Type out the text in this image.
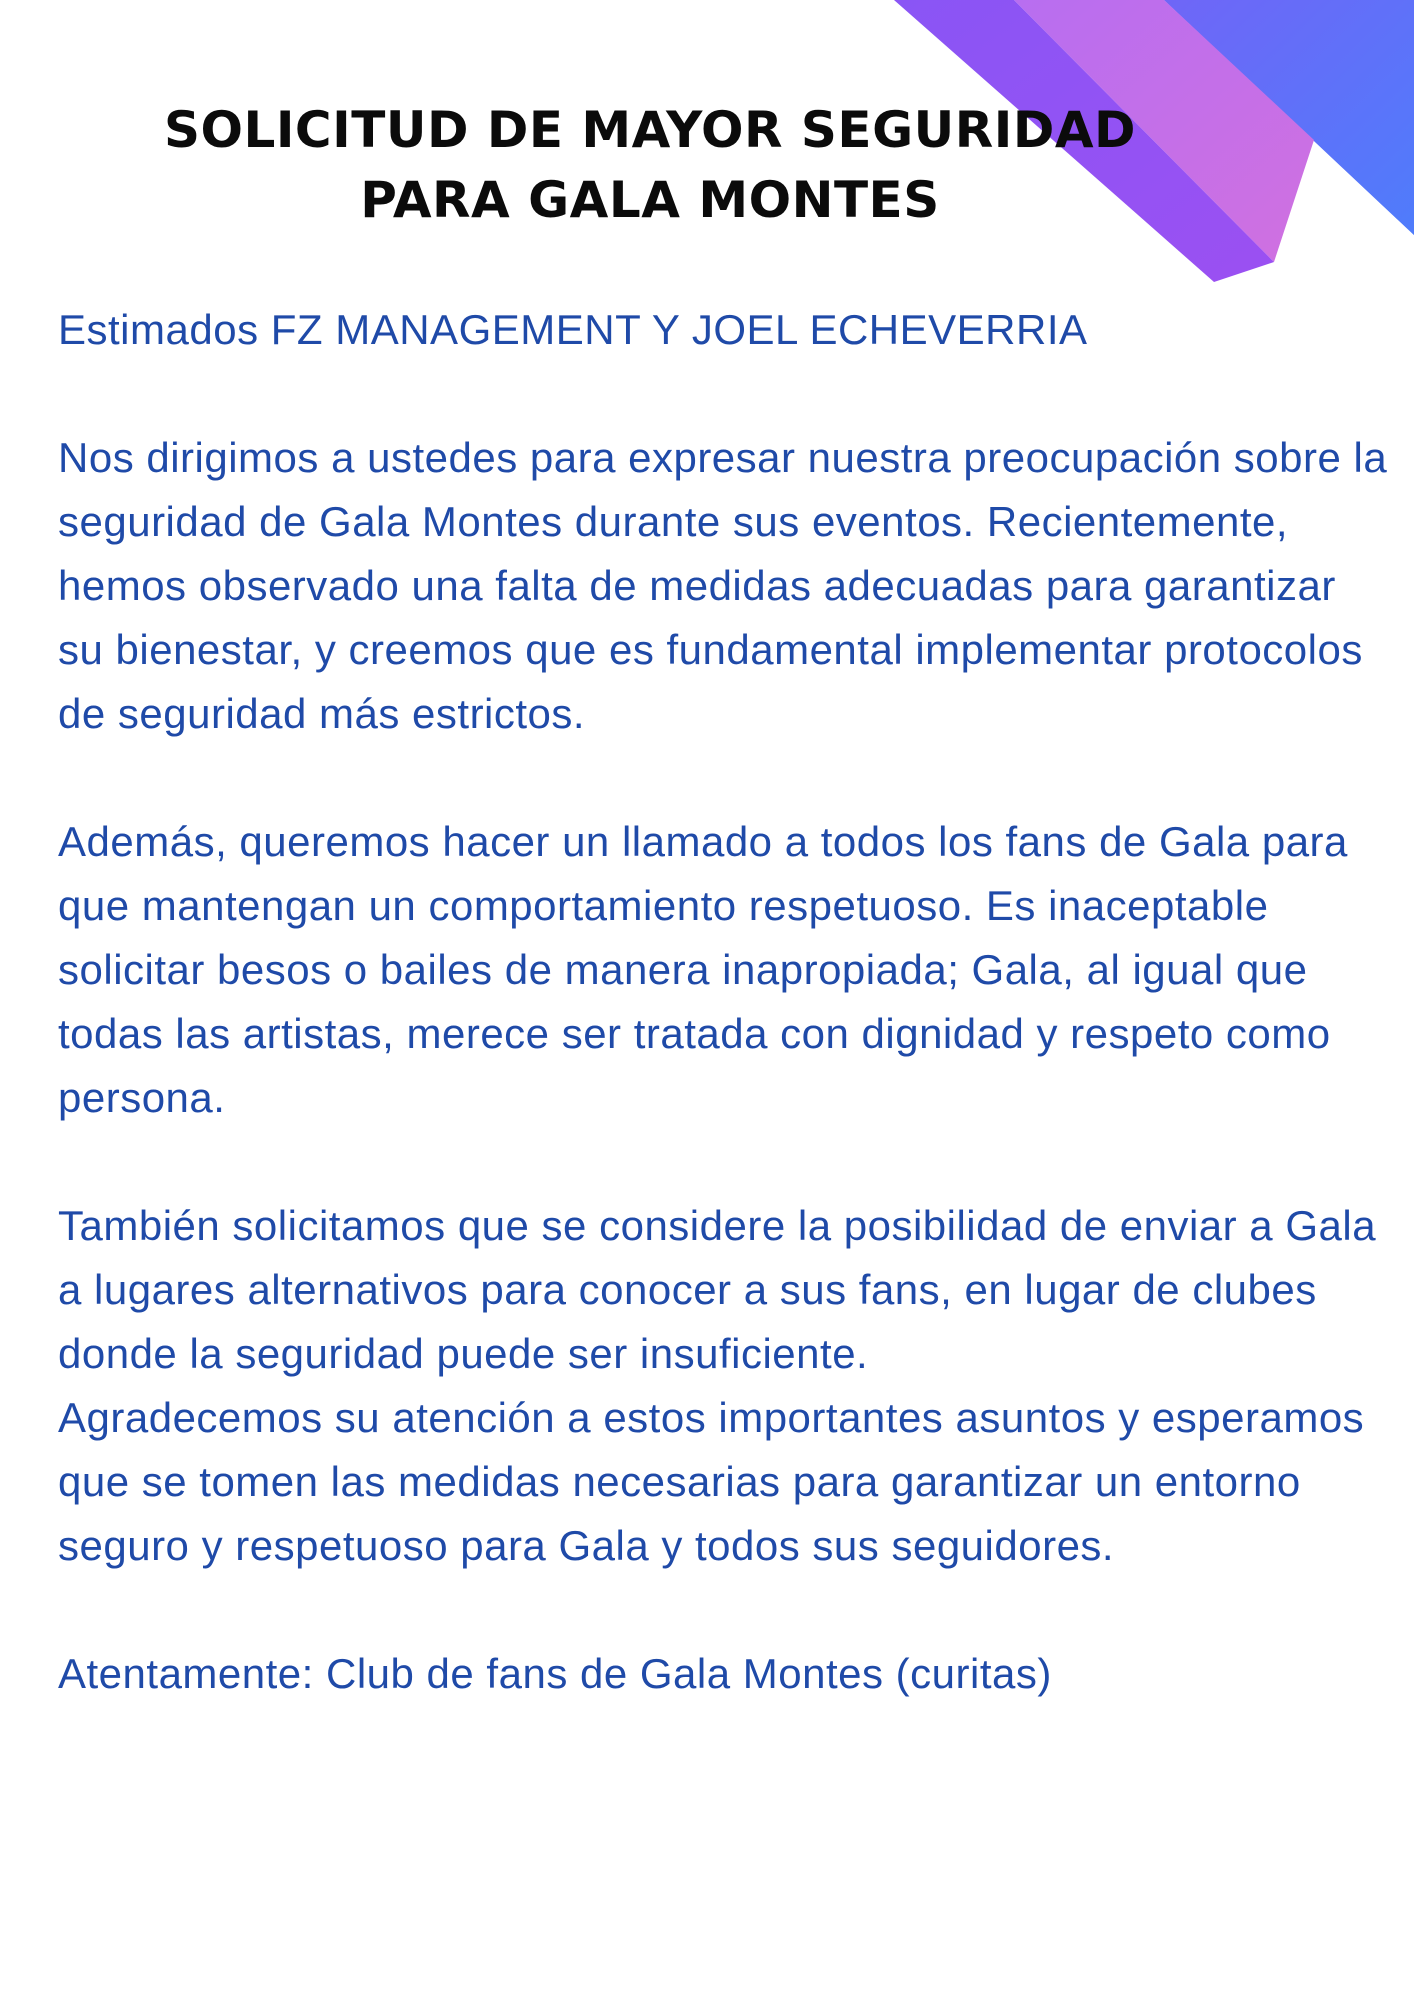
SOLICITUD DE MAYOR SEGURIDAD
PARA GALA MONTES

Estimados FZ MANAGEMENT Y JOEL ECHEVERRIA

Nos dirigimos a ustedes para expresar nuestra preocupación sobre la seguridad de Gala Montes durante sus eventos. Recientemente, hemos observado una falta de medidas adecuadas para garantizar su bienestar, y creemos que es fundamental implementar protocolos de seguridad más estrictos.

Además, queremos hacer un llamado a todos los fans de Gala para que mantengan un comportamiento respetuoso. Es inaceptable solicitar besos o bailes de manera inapropiada; Gala, al igual que todas las artistas, merece ser tratada con dignidad y respeto como persona.

También solicitamos que se considere la posibilidad de enviar a Gala a lugares alternativos para conocer a sus fans, en lugar de clubes donde la seguridad puede ser insuficiente.

Agradecemos su atención a estos importantes asuntos y esperamos que se tomen las medidas necesarias para garantizar un entorno seguro y respetuoso para Gala y todos sus seguidores.

Atentamente: Club de fans de Gala Montes (curitas)
